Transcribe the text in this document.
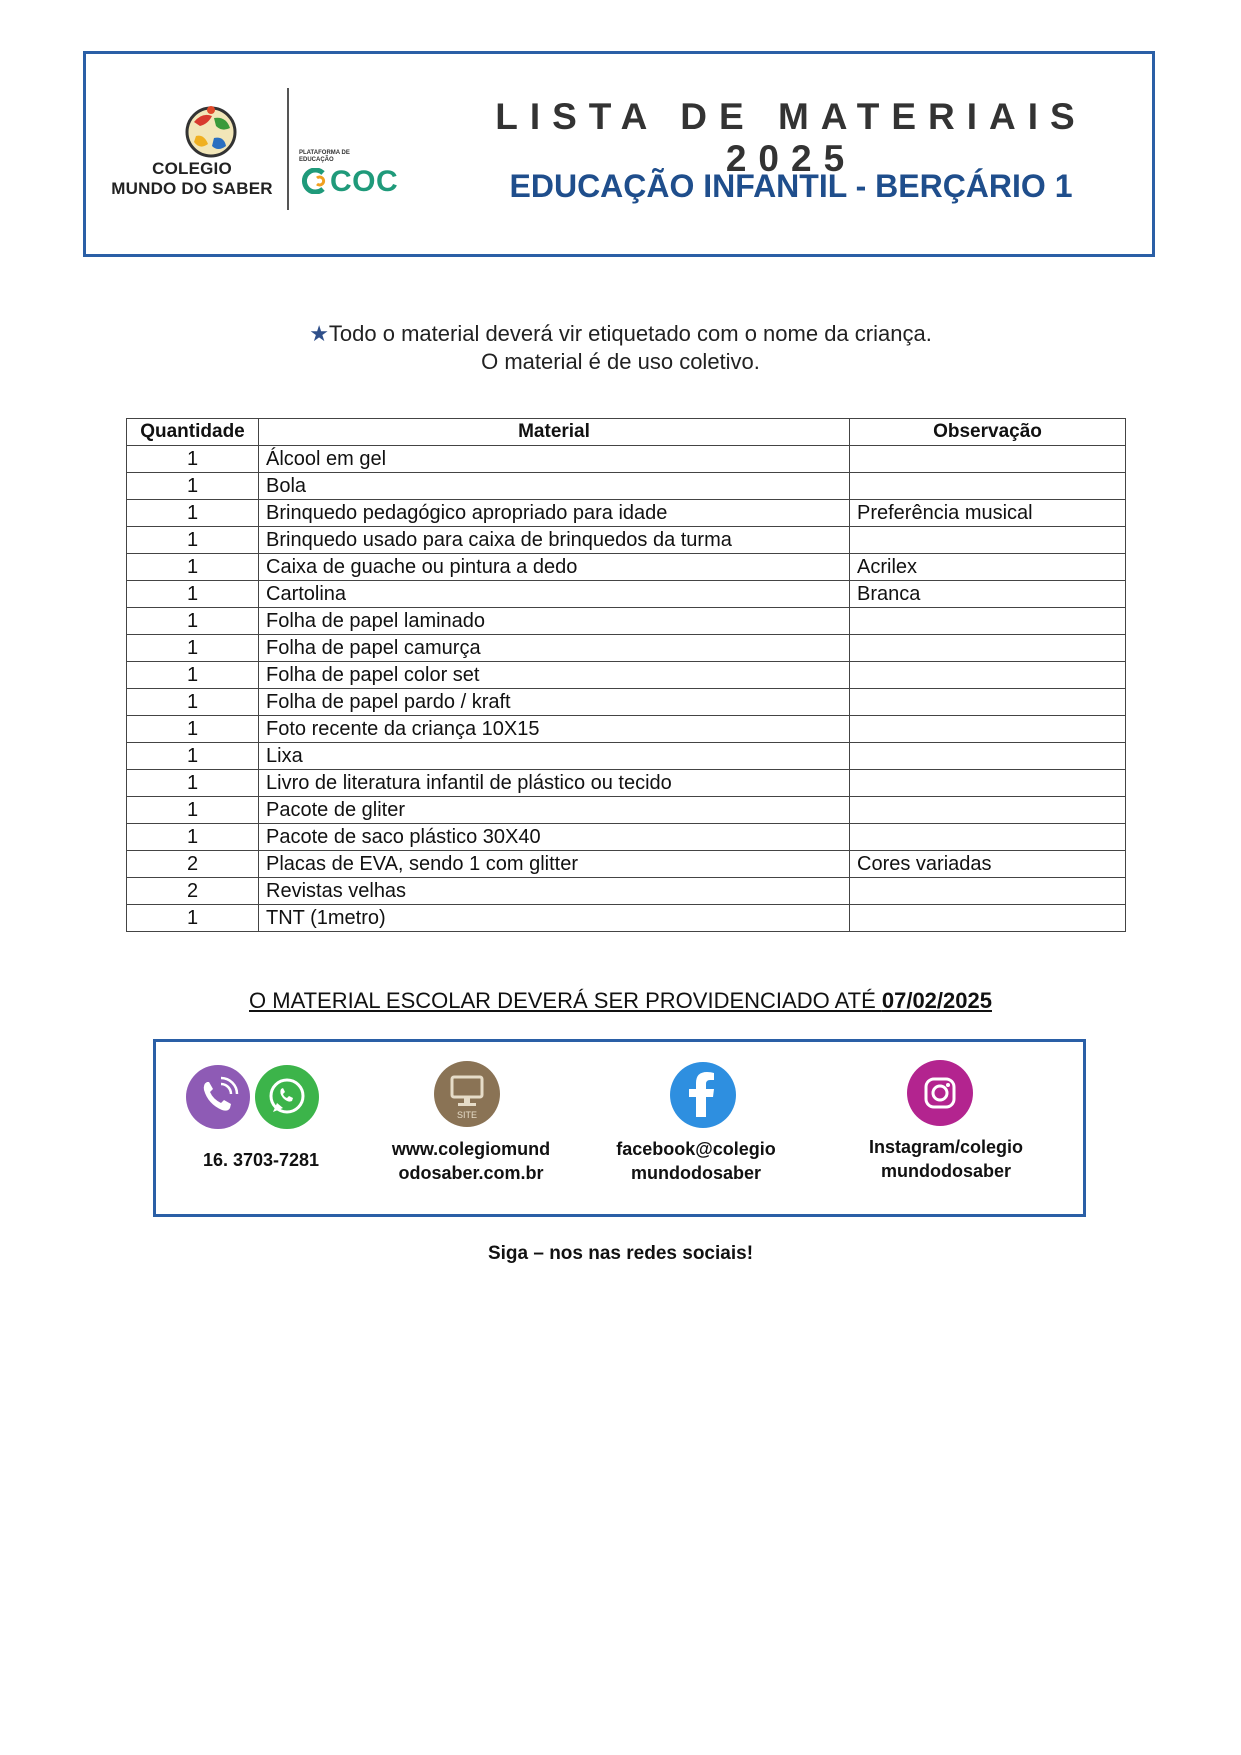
COLEGIO
MUNDO DO SABER
PLATAFORMA DE EDUCAÇÃO
COC
LISTA DE MATERIAIS 2025
EDUCAÇÃO INFANTIL - BERÇÁRIO 1
★Todo o material deverá vir etiquetado com o nome da criança.
O material é de uso coletivo.
Quantidade	Material	Observação
1	Álcool em gel	
1	Bola	
1	Brinquedo pedagógico apropriado para idade	Preferência musical
1	Brinquedo usado para caixa de brinquedos da turma	
1	Caixa de guache ou pintura a dedo	Acrilex
1	Cartolina	Branca
1	Folha de papel laminado	
1	Folha de papel camurça	
1	Folha de papel color set	
1	Folha de papel pardo / kraft	
1	Foto recente da criança 10X15	
1	Lixa	
1	Livro de literatura infantil de plástico ou tecido	
1	Pacote de gliter	
1	Pacote de saco plástico 30X40	
2	Placas de EVA, sendo 1 com glitter	Cores variadas
2	Revistas velhas	
1	TNT (1metro)	
O MATERIAL ESCOLAR DEVERÁ SER PROVIDENCIADO ATÉ 07/02/2025
16. 3703-7281
SITE
www.colegiomund
odosaber.com.br
facebook@colegio
mundodosaber
Instagram/colegio
mundodosaber
Siga – nos nas redes sociais!
